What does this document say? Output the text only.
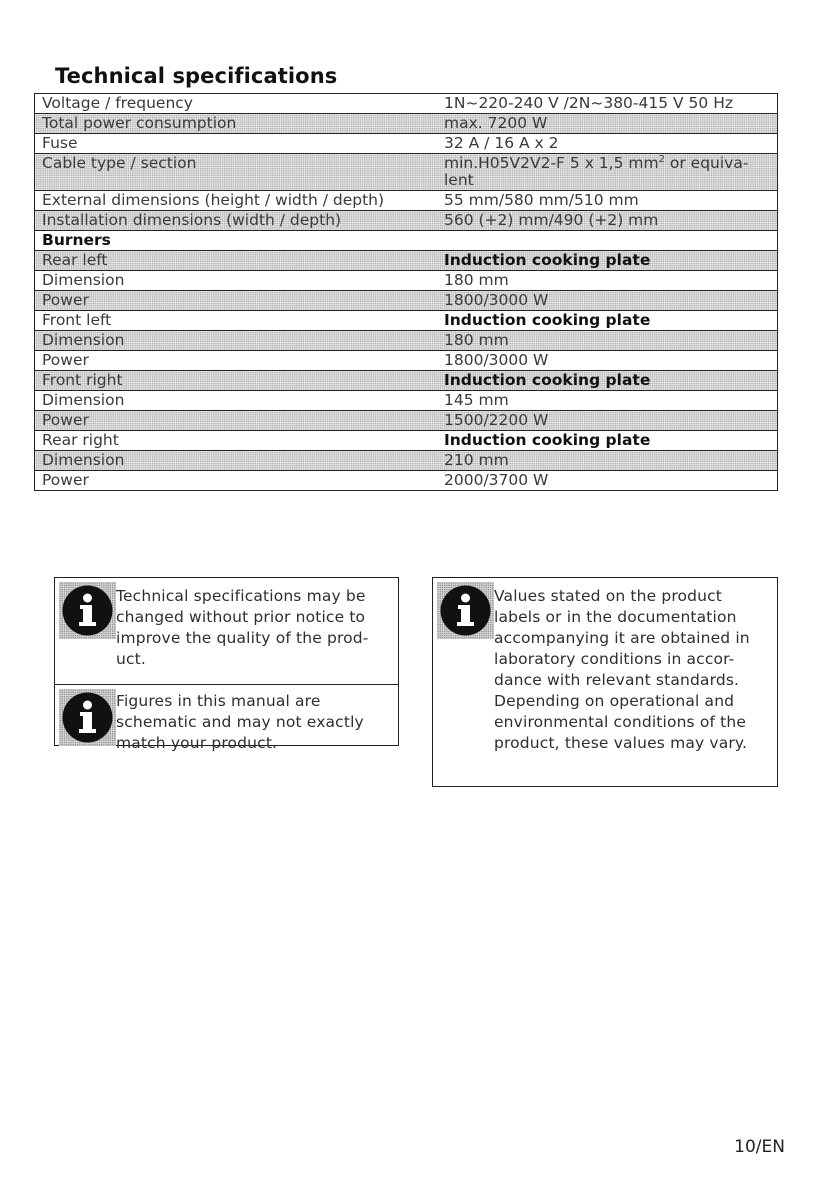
Technical specifications
Voltage / frequency	1N~220-240 V /2N~380-415 V 50 Hz
Total power consumption	max. 7200 W
Fuse	32 A / 16 A x 2
Cable type / section	min.H05V2V2-F 5 x 1,5 $mm^2$ or equiva-lent
External dimensions (height / width / depth)	55 mm/580 mm/510 mm
Installation dimensions (width / depth)	560 (+2) mm/490 (+2) mm
Burners	
Rear left	Induction cooking plate
Dimension	180 mm
Power	1800/3000 W
Front left	Induction cooking plate
Dimension	180 mm
Power	1800/3000 W
Front right	Induction cooking plate
Dimension	145 mm
Power	1500/2200 W
Rear right	Induction cooking plate
Dimension	210 mm
Power	2000/3700 W
Technical specifications may be
changed without prior notice to
improve the quality of the prod-
uct.
Figures in this manual are
schematic and may not exactly
match your product.
Values stated on the product
labels or in the documentation
accompanying it are obtained in
laboratory conditions in accor-
dance with relevant standards.
Depending on operational and
environmental conditions of the
product, these values may vary.
10/EN
